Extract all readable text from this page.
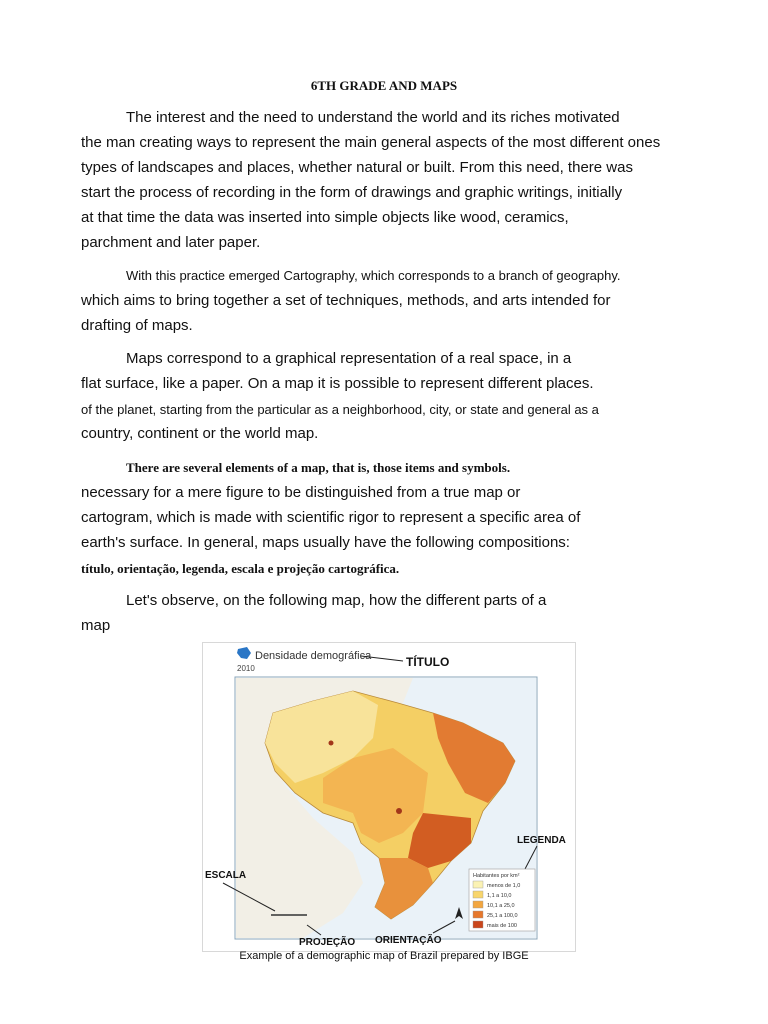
6TH GRADE AND MAPS
The interest and the need to understand the world and its riches motivated
the man creating ways to represent the main general aspects of the most different ones
types of landscapes and places, whether natural or built. From this need, there was
start the process of recording in the form of drawings and graphic writings, initially
at that time the data was inserted into simple objects like wood, ceramics,
parchment and later paper.
With this practice emerged Cartography, which corresponds to a branch of geography.
which aims to bring together a set of techniques, methods, and arts intended for
drafting of maps.
Maps correspond to a graphical representation of a real space, in a
flat surface, like a paper. On a map it is possible to represent different places.
of the planet, starting from the particular as a neighborhood, city, or state and general as a
country, continent or the world map.
There are several elements of a map, that is, those items and symbols.
necessary for a mere figure to be distinguished from a true map or
cartogram, which is made with scientific rigor to represent a specific area of
earth's surface. In general, maps usually have the following compositions:
título, orientação, legenda, escala e projeção cartográfica.
Let's observe, on the following map, how the different parts of a
map
Densidade demográfica
2010	TÍTULO
LEGENDA
Habitantes por km²
menos de 1,0
1,1 a 10,0
10,1 a 25,0
25,1 a 100,0
mais de 100
ESCALA
PROJEÇÃO ORIENTAÇÃO
Example of a demographic map of Brazil prepared by IBGE
